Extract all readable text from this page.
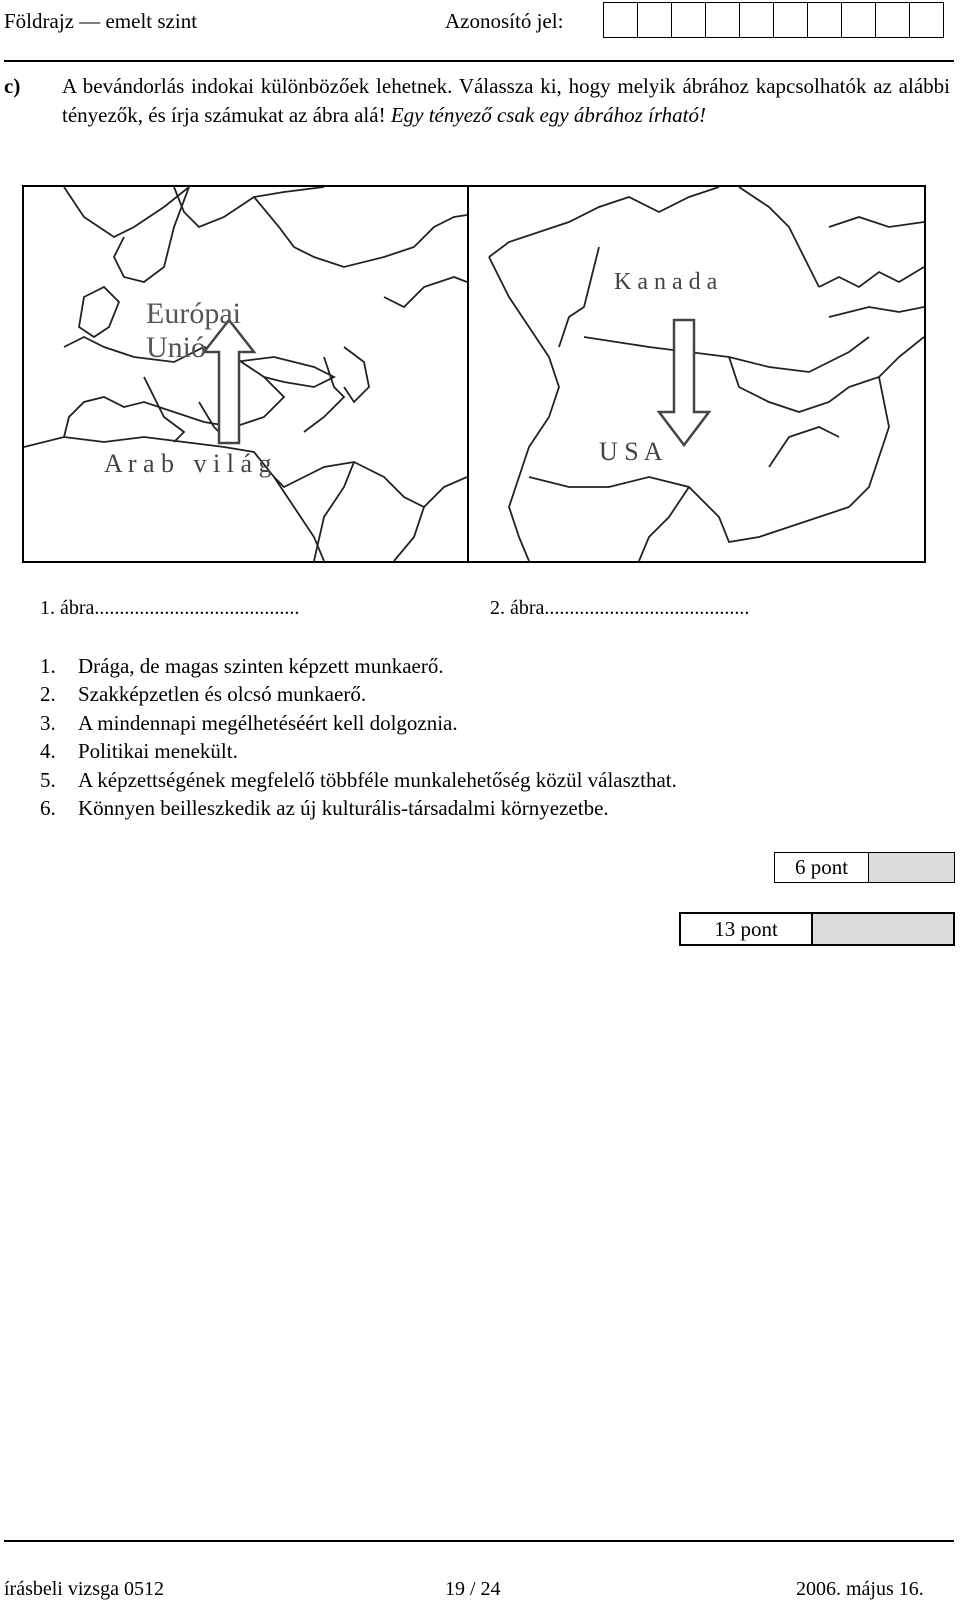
Földrajz — emelt szint	Azonosító jel:
c) A bevándorlás indokai különbözőek lehetnek. Válassza ki, hogy melyik ábrához kapcsolhatók az alábbi tényezők, és írja számukat az ábra alá! Egy tényező csak egy ábrához írható!
Európai Unió
A r a b   v i l á g
K a n a d a
U S A
1. ábra.........................................	2. ábra.........................................
1. Drága, de magas szinten képzett munkaerő.
2. Szakképzetlen és olcsó munkaerő.
3. A mindennapi megélhetéséért kell dolgoznia.
4. Politikai menekült.
5. A képzettségének megfelelő többféle munkalehetőség közül választhat.
6. Könnyen beilleszkedik az új kulturális-társadalmi környezetbe.
6 pont
13 pont
írásbeli vizsga 0512	19 / 24	2006. május 16.
